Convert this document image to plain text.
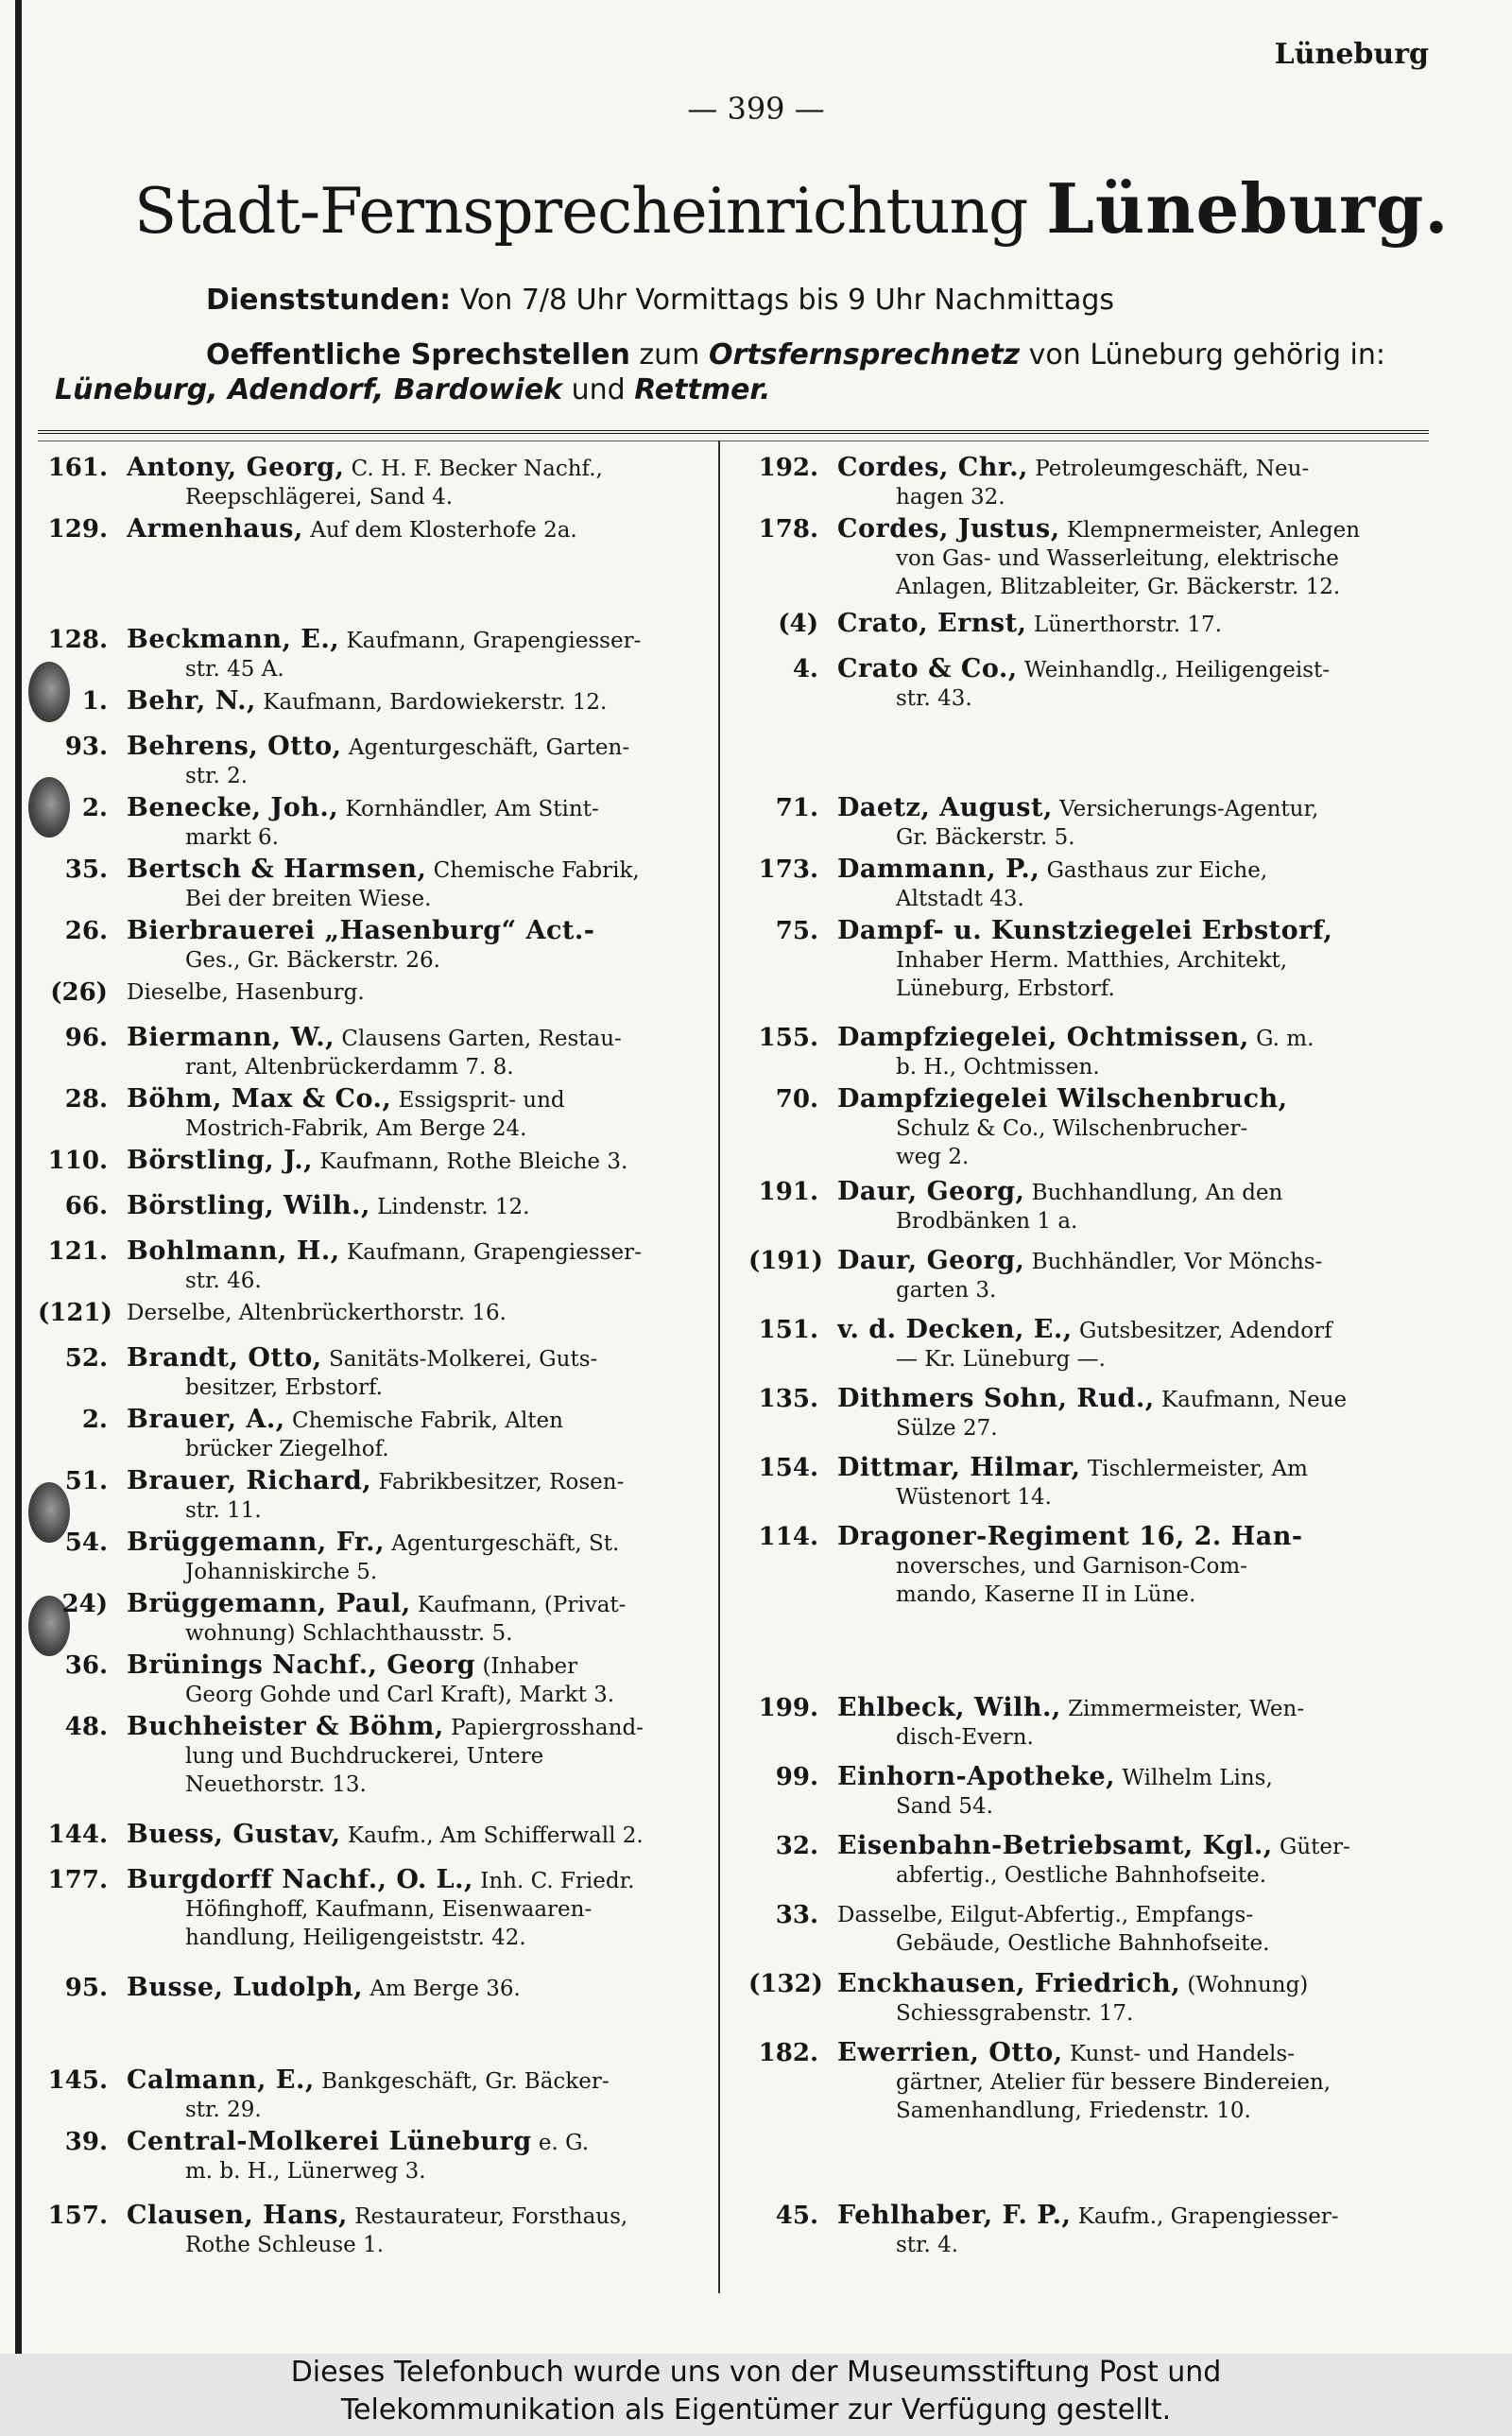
Lüneburg
— 399 —
Stadt-Fernsprecheinrichtung Lüneburg.
Dienststunden: Von 7/8 Uhr Vormittags bis 9 Uhr Nachmittags
Oeffentliche Sprechstellen zum Ortsfernsprechnetz von Lüneburg gehörig in:
Lüneburg, Adendorf, Bardowiek und Rettmer.
161. Antony, Georg, C. H. F. Becker Nachf.,
Reepschlägerei, Sand 4.
129. Armenhaus, Auf dem Klosterhofe 2a.
128. Beckmann, E., Kaufmann, Grapengiesser-
str. 45 A.
1. Behr, N., Kaufmann, Bardowiekerstr. 12.
93. Behrens, Otto, Agenturgeschäft, Garten-
str. 2.
2. Benecke, Joh., Kornhändler, Am Stint-
markt 6.
35. Bertsch & Harmsen, Chemische Fabrik,
Bei der breiten Wiese.
26. Bierbrauerei „Hasenburg“ Act.-
Ges., Gr. Bäckerstr. 26.
(26) Dieselbe, Hasenburg.
96. Biermann, W., Clausens Garten, Restau-
rant, Altenbrückerdamm 7. 8.
28. Böhm, Max & Co., Essigsprit- und
Mostrich-Fabrik, Am Berge 24.
110. Börstling, J., Kaufmann, Rothe Bleiche 3.
66. Börstling, Wilh., Lindenstr. 12.
121. Bohlmann, H., Kaufmann, Grapengiesser-
str. 46.
(121) Derselbe, Altenbrückerthorstr. 16.
52. Brandt, Otto, Sanitäts-Molkerei, Guts-
besitzer, Erbstorf.
2. Brauer, A., Chemische Fabrik, Alten
brücker Ziegelhof.
51. Brauer, Richard, Fabrikbesitzer, Rosen-
str. 11.
54. Brüggemann, Fr., Agenturgeschäft, St.
Johanniskirche 5.
24) Brüggemann, Paul, Kaufmann, (Privat-
wohnung) Schlachthausstr. 5.
36. Brünings Nachf., Georg (Inhaber
Georg Gohde und Carl Kraft), Markt 3.
48. Buchheister & Böhm, Papiergrosshand-
lung und Buchdruckerei, Untere
Neuethorstr. 13.
144. Buess, Gustav, Kaufm., Am Schifferwall 2.
177. Burgdorff Nachf., O. L., Inh. C. Friedr.
Höfinghoff, Kaufmann, Eisenwaaren-
handlung, Heiligengeiststr. 42.
95. Busse, Ludolph, Am Berge 36.
145. Calmann, E., Bankgeschäft, Gr. Bäcker-
str. 29.
39. Central-Molkerei Lüneburg e. G.
m. b. H., Lünerweg 3.
157. Clausen, Hans, Restaurateur, Forsthaus,
Rothe Schleuse 1.
192. Cordes, Chr., Petroleumgeschäft, Neu-
hagen 32.
178. Cordes, Justus, Klempnermeister, Anlegen
von Gas- und Wasserleitung, elektrische
Anlagen, Blitzableiter, Gr. Bäckerstr. 12.
(4) Crato, Ernst, Lünerthorstr. 17.
4. Crato & Co., Weinhandlg., Heiligengeist-
str. 43.
71. Daetz, August, Versicherungs-Agentur,
Gr. Bäckerstr. 5.
173. Dammann, P., Gasthaus zur Eiche,
Altstadt 43.
75. Dampf- u. Kunstziegelei Erbstorf,
Inhaber Herm. Matthies, Architekt,
Lüneburg, Erbstorf.
155. Dampfziegelei, Ochtmissen, G. m.
b. H., Ochtmissen.
70. Dampfziegelei Wilschenbruch,
Schulz & Co., Wilschenbrucher-
weg 2.
191. Daur, Georg, Buchhandlung, An den
Brodbänken 1 a.
(191) Daur, Georg, Buchhändler, Vor Mönchs-
garten 3.
151. v. d. Decken, E., Gutsbesitzer, Adendorf
— Kr. Lüneburg —.
135. Dithmers Sohn, Rud., Kaufmann, Neue
Sülze 27.
154. Dittmar, Hilmar, Tischlermeister, Am
Wüstenort 14.
114. Dragoner-Regiment 16, 2. Han-
noversches, und Garnison-Com-
mando, Kaserne II in Lüne.
199. Ehlbeck, Wilh., Zimmermeister, Wen-
disch-Evern.
99. Einhorn-Apotheke, Wilhelm Lins,
Sand 54.
32. Eisenbahn-Betriebsamt, Kgl., Güter-
abfertig., Oestliche Bahnhofseite.
33. Dasselbe, Eilgut-Abfertig., Empfangs-
Gebäude, Oestliche Bahnhofseite.
(132) Enckhausen, Friedrich, (Wohnung)
Schiessgrabenstr. 17.
182. Ewerrien, Otto, Kunst- und Handels-
gärtner, Atelier für bessere Bindereien,
Samenhandlung, Friedenstr. 10.
45. Fehlhaber, F. P., Kaufm., Grapengiesser-
str. 4.
Dieses Telefonbuch wurde uns von der Museumsstiftung Post und
Telekommunikation als Eigentümer zur Verfügung gestellt.
